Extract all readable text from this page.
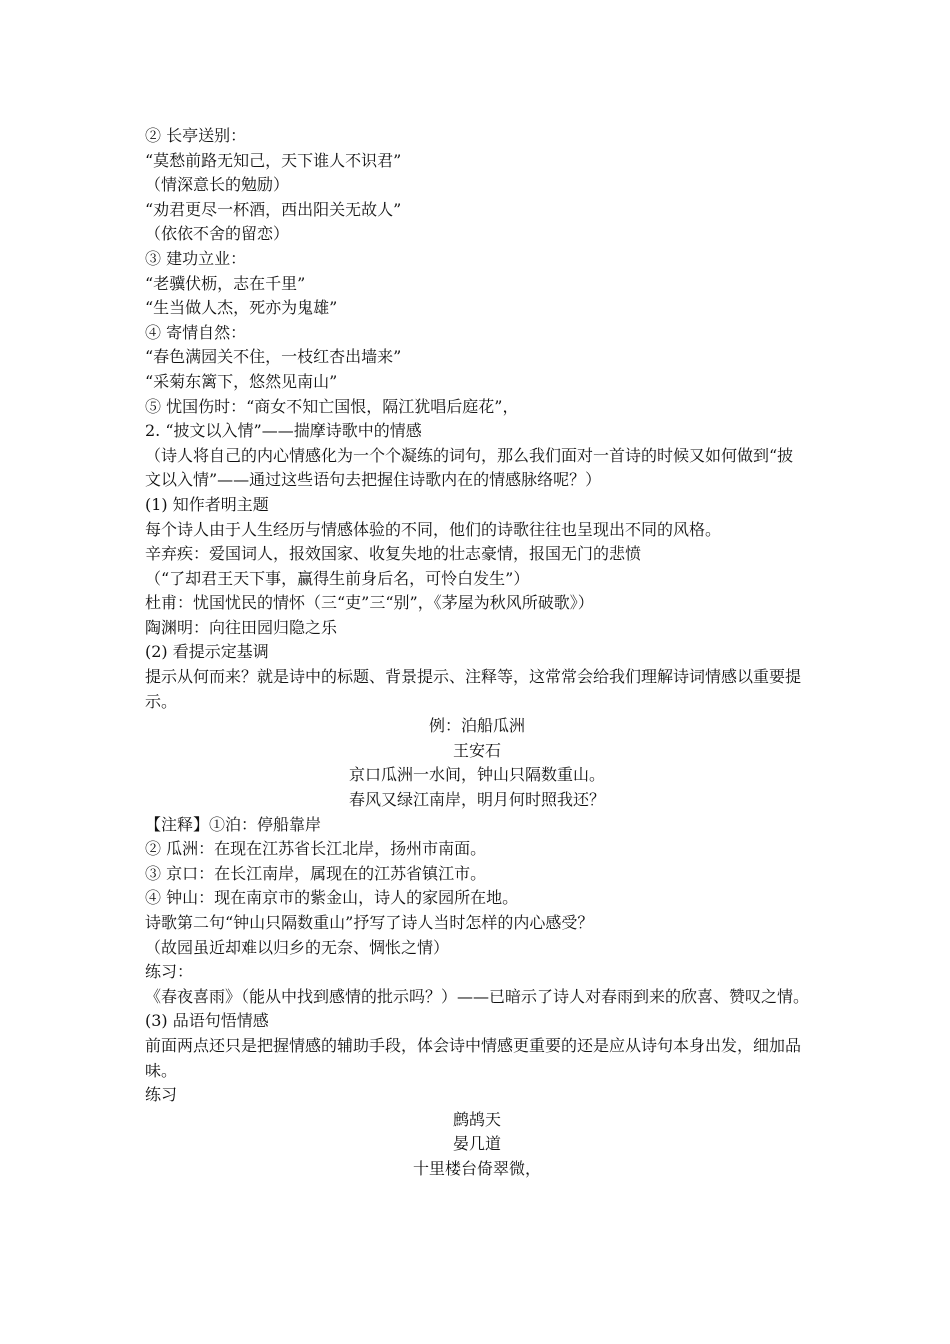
② 长亭送别：
“莫愁前路无知己，天下谁人不识君”
（情深意长的勉励）
“劝君更尽一杯酒，西出阳关无故人”
（依依不舍的留恋）
③ 建功立业：
“老骥伏枥，志在千里”
“生当做人杰，死亦为鬼雄”
④ 寄情自然：
“春色满园关不住，一枝红杏出墙来”
“采菊东篱下，悠然见南山”
⑤ 忧国伤时：“商女不知亡国恨，隔江犹唱后庭花”，
2. “披文以入情”——揣摩诗歌中的情感
（诗人将自己的内心情感化为一个个凝练的词句，那么我们面对一首诗的时候又如何做到“披文以入情”——通过这些语句去把握住诗歌内在的情感脉络呢？）
(1) 知作者明主题
每个诗人由于人生经历与情感体验的不同，他们的诗歌往往也呈现出不同的风格。
辛弃疾：爱国词人，报效国家、收复失地的壮志豪情，报国无门的悲愤
（“了却君王天下事，赢得生前身后名，可怜白发生”）
杜甫：忧国忧民的情怀（三“吏”三“别”，《茅屋为秋风所破歌》）
陶渊明：向往田园归隐之乐
(2) 看提示定基调
提示从何而来？就是诗中的标题、背景提示、注释等，这常常会给我们理解诗词情感以重要提示。
例：泊船瓜洲
王安石
京口瓜洲一水间，钟山只隔数重山。
春风又绿江南岸，明月何时照我还？
【注释】①泊：停船靠岸
② 瓜洲：在现在江苏省长江北岸，扬州市南面。
③ 京口：在长江南岸，属现在的江苏省镇江市。
④ 钟山：现在南京市的紫金山，诗人的家园所在地。
诗歌第二句“钟山只隔数重山”抒写了诗人当时怎样的内心感受？
（故园虽近却难以归乡的无奈、惆怅之情）
练习：
《春夜喜雨》（能从中找到感情的批示吗？）——已暗示了诗人对春雨到来的欣喜、赞叹之情。
(3) 品语句悟情感
前面两点还只是把握情感的辅助手段，体会诗中情感更重要的还是应从诗句本身出发，细加品味。
练习
鹧鸪天
晏几道
十里楼台倚翠微，
